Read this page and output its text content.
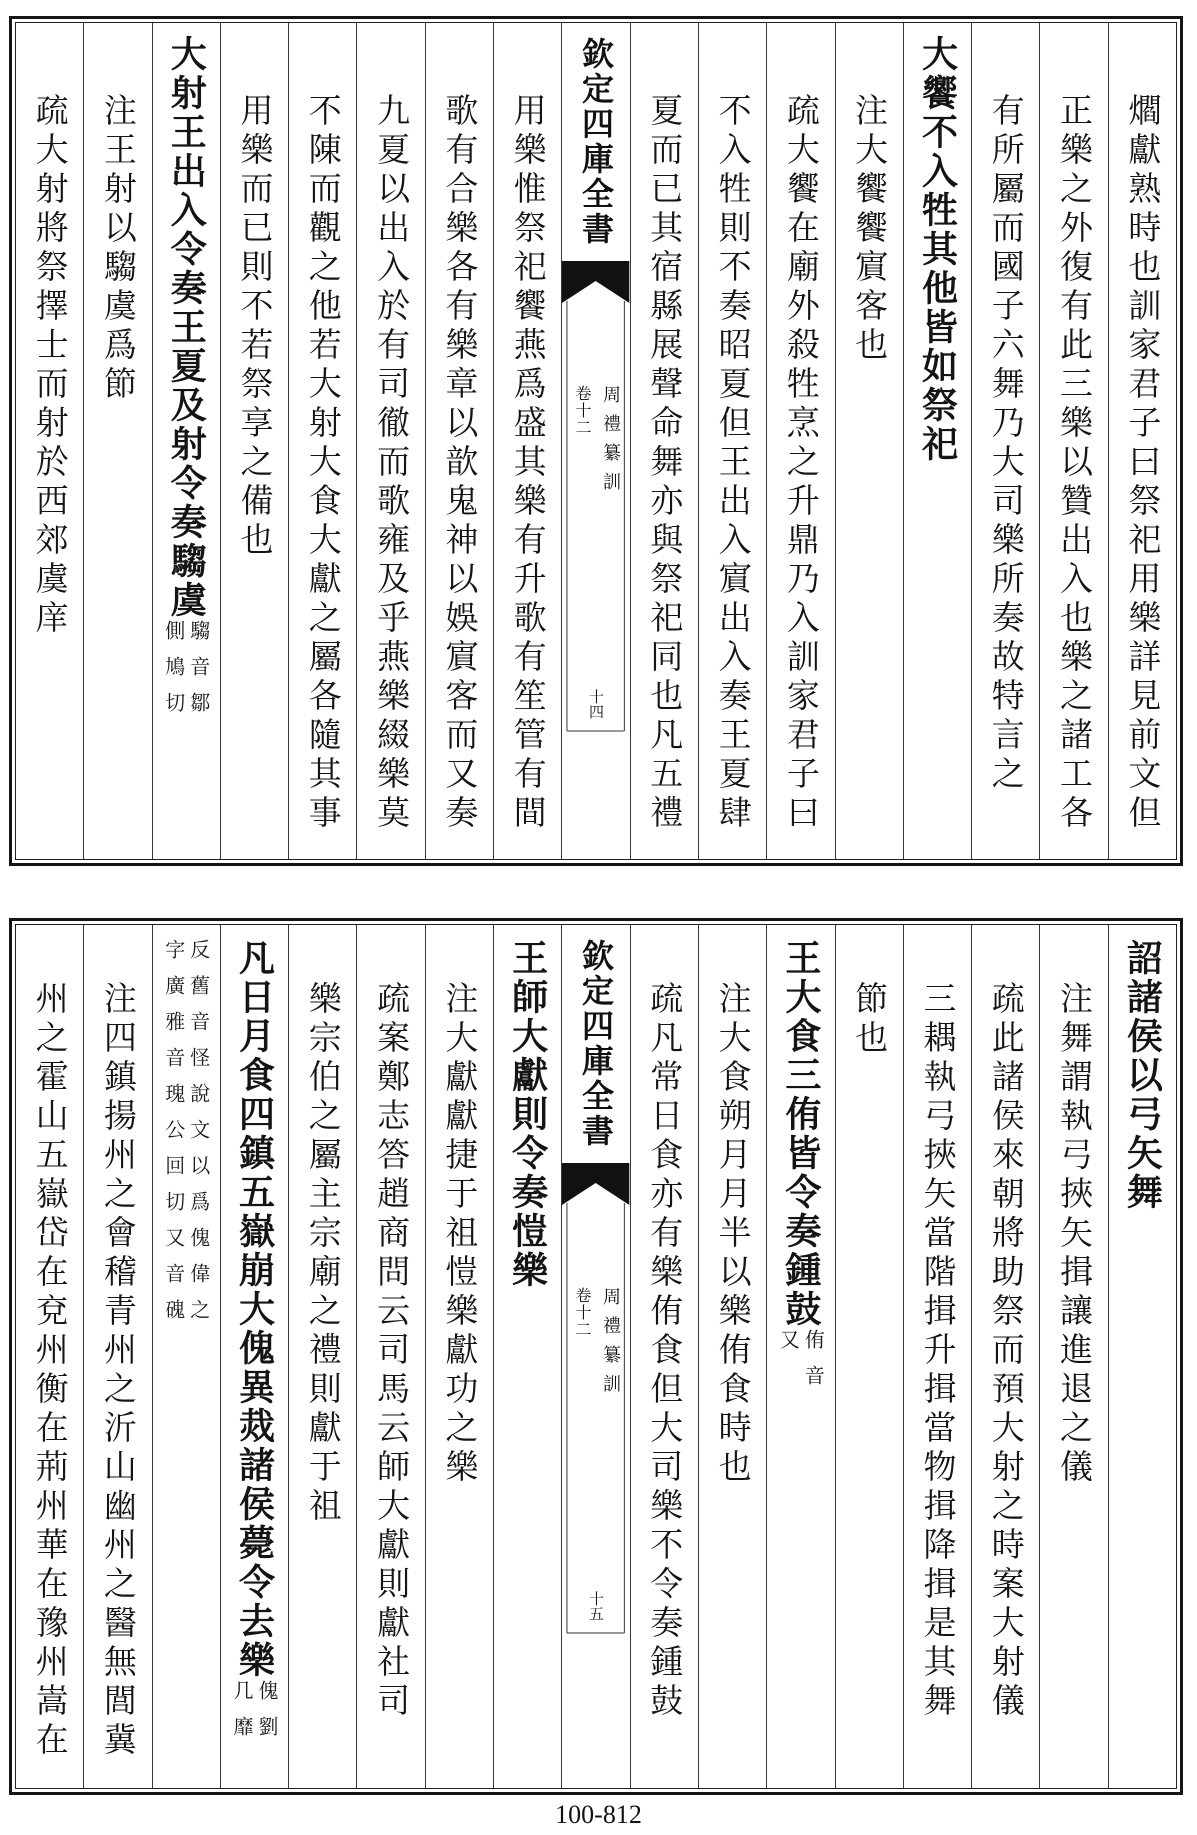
爓獻熟時也訓家君子曰祭祀用樂詳見前文但
正樂之外復有此三樂以贊出入也樂之諸工各
有所屬而國子六舞乃大司樂所奏故特言之
大饗不入牲其他皆如祭祀
注大饗饗賔客也
疏大饗在廟外殺牲烹之升鼎乃入訓家君子曰
不入牲則不奏昭夏但王出入賔出入奏王夏肆
夏而已其宿縣展聲命舞亦與祭祀同也凡五禮
欽定四庫全書
周禮纂訓
卷十二
十四
用樂惟祭祀饗燕爲盛其樂有升歌有笙管有間
歌有合樂各有樂章以歆鬼神以娛賔客而又奏
九夏以出入於有司徹而歌雍及乎燕樂綴樂莫
不陳而觀之他若大射大食大獻之屬各隨其事
用樂而已則不若祭享之備也
大射王出入令奏王夏及射令奏騶虞
騶音鄒
側鳩切
注王射以騶虞爲節
疏大射將祭擇士而射於西郊虞庠
詔諸侯以弓矢舞
注舞謂執弓挾矢揖讓進退之儀
疏此諸侯來朝將助祭而預大射之時案大射儀
三耦執弓挾矢當階揖升揖當物揖降揖是其舞
節也
王大食三侑皆令奏鍾鼓
侑音
又
注大食朔月月半以樂侑食時也
疏凡常日食亦有樂侑食但大司樂不令奏鍾鼓
欽定四庫全書
周禮纂訓
卷十二
十五
王師大獻則令奏愷樂
注大獻獻捷于祖愷樂獻功之樂
疏案鄭志答趙商問云司馬云師大獻則獻社司
樂宗伯之屬主宗廟之禮則獻于祖
凡日月食四鎮五嶽崩大傀異烖諸侯薨令去樂
傀劉
几靡
反舊音怪說文以爲傀偉之
字廣雅音瑰公回切又音磈
注四鎮揚州之會稽青州之沂山幽州之醫無閭冀
州之霍山五嶽岱在兗州衡在荊州華在豫州嵩在
100-812
